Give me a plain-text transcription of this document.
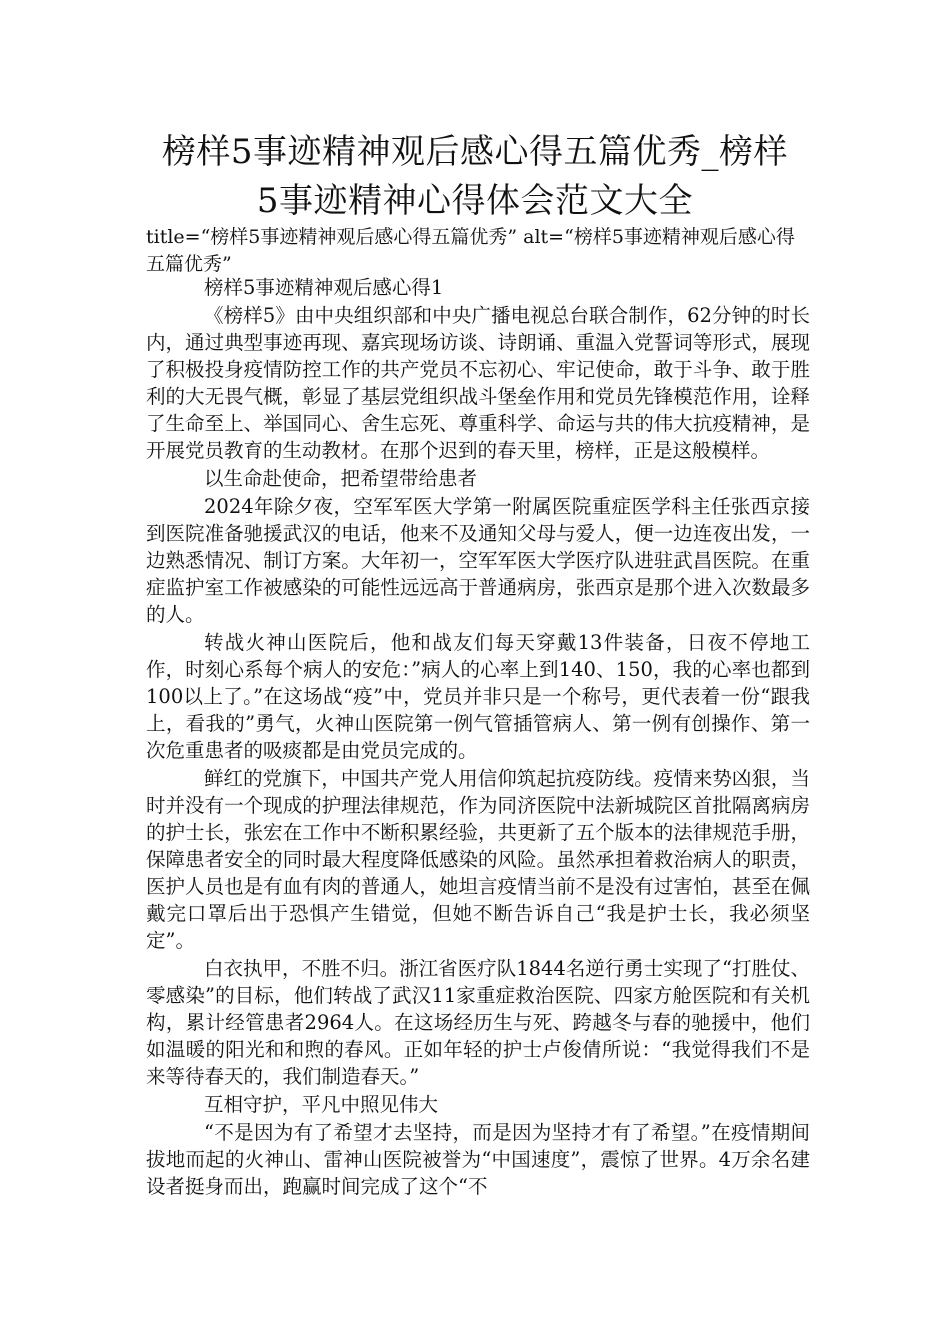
榜样5事迹精神观后感心得五篇优秀_榜样
5事迹精神心得体会范文大全
title=“榜样5事迹精神观后感心得五篇优秀” alt=“榜样5事迹精神观后感心得五篇优秀”
榜样5事迹精神观后感心得1
《榜样5》由中央组织部和中央广播电视总台联合制作，62分钟的时长内，通过典型事迹再现、嘉宾现场访谈、诗朗诵、重温入党誓词等形式，展现了积极投身疫情防控工作的共产党员不忘初心、牢记使命，敢于斗争、敢于胜利的大无畏气概，彰显了基层党组织战斗堡垒作用和党员先锋模范作用，诠释了生命至上、举国同心、舍生忘死、尊重科学、命运与共的伟大抗疫精神，是开展党员教育的生动教材。在那个迟到的春天里，榜样，正是这般模样。
以生命赴使命，把希望带给患者
2024年除夕夜，空军军医大学第一附属医院重症医学科主任张西京接到医院准备驰援武汉的电话，他来不及通知父母与爱人，便一边连夜出发，一边熟悉情况、制订方案。大年初一，空军军医大学医疗队进驻武昌医院。在重症监护室工作被感染的可能性远远高于普通病房，张西京是那个进入次数最多的人。
转战火神山医院后，他和战友们每天穿戴13件装备，日夜不停地工作，时刻心系每个病人的安危：”病人的心率上到140、150，我的心率也都到100以上了。”在这场战“疫”中，党员并非只是一个称号，更代表着一份“跟我上，看我的”勇气，火神山医院第一例气管插管病人、第一例有创操作、第一次危重患者的吸痰都是由党员完成的。
鲜红的党旗下，中国共产党人用信仰筑起抗疫防线。疫情来势凶狠，当时并没有一个现成的护理法律规范，作为同济医院中法新城院区首批隔离病房的护士长，张宏在工作中不断积累经验，共更新了五个版本的法律规范手册，保障患者安全的同时最大程度降低感染的风险。虽然承担着救治病人的职责，医护人员也是有血有肉的普通人，她坦言疫情当前不是没有过害怕，甚至在佩戴完口罩后出于恐惧产生错觉，但她不断告诉自己“我是护士长，我必须坚定”。
白衣执甲，不胜不归。浙江省医疗队1844名逆行勇士实现了“打胜仗、零感染”的目标，他们转战了武汉11家重症救治医院、四家方舱医院和有关机构，累计经管患者2964人。在这场经历生与死、跨越冬与春的驰援中，他们如温暖的阳光和和煦的春风。正如年轻的护士卢俊倩所说：“我觉得我们不是来等待春天的，我们制造春天。”
互相守护，平凡中照见伟大
“不是因为有了希望才去坚持，而是因为坚持才有了希望。”在疫情期间拔地而起的火神山、雷神山医院被誉为“中国速度”，震惊了世界。4万余名建设者挺身而出，跑赢时间完成了这个“不
